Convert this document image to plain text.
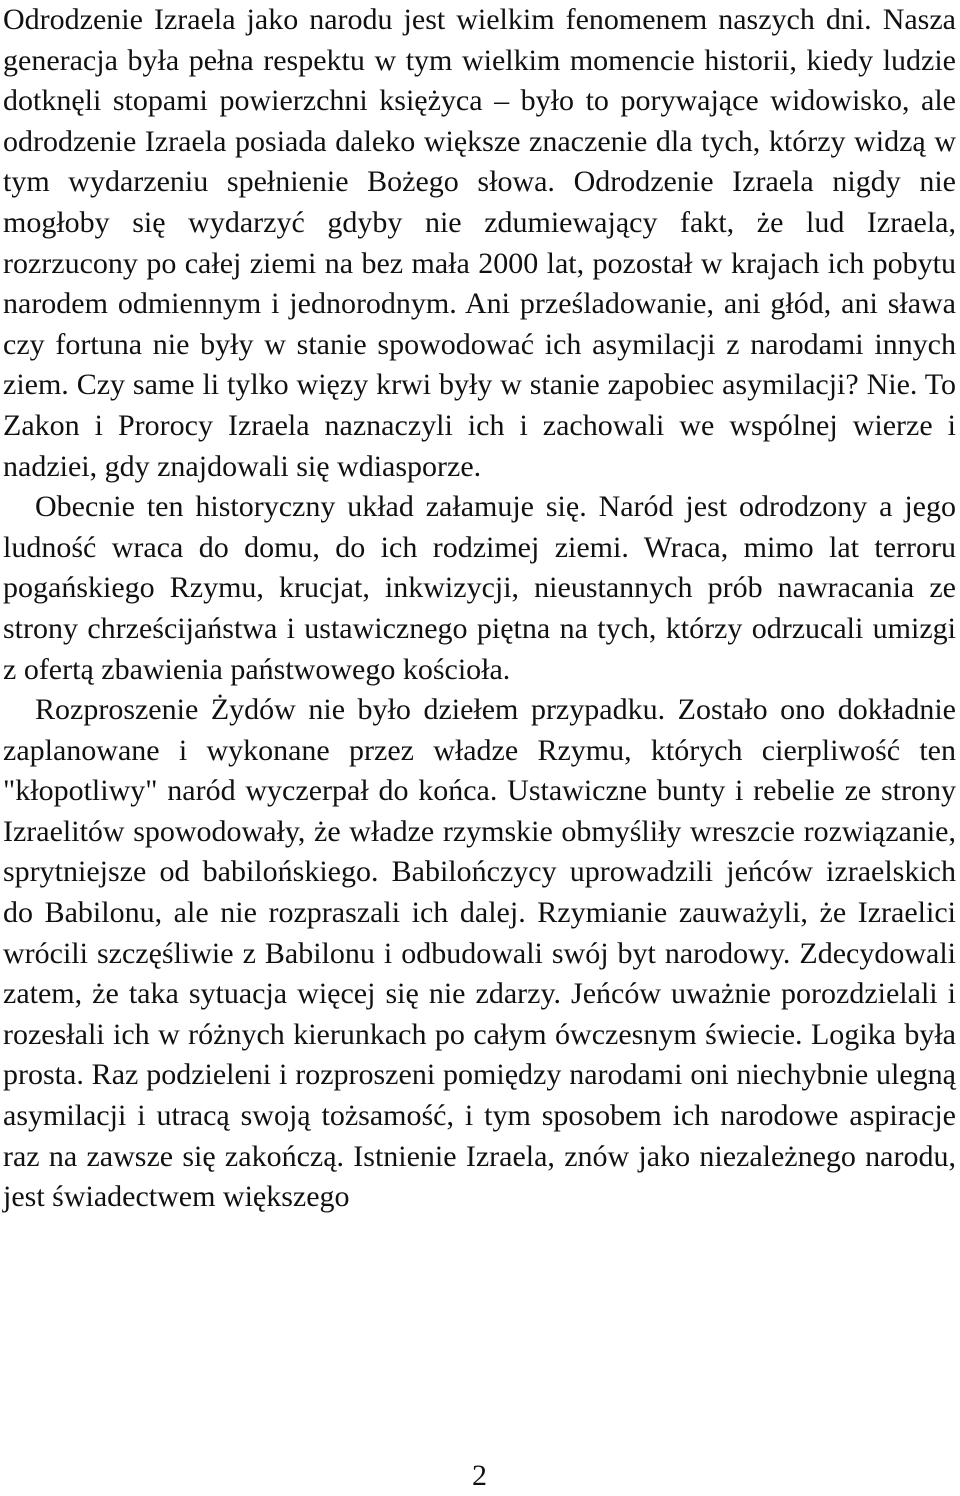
Odrodzenie Izraela jako narodu jest wielkim fenomenem naszych dni. Nasza generacja była pełna respektu w tym wielkim momencie historii, kiedy ludzie dotknęli stopami powierzchni księżyca – było to porywające widowisko, ale odrodzenie Izraela posiada daleko większe znaczenie dla tych, którzy widzą w tym wydarzeniu spełnienie Bożego słowa. Odrodzenie Izraela nigdy nie mogłoby się wydarzyć gdyby nie zdumiewający fakt, że lud Izraela, rozrzucony po całej ziemi na bez mała 2000 lat, pozostał w krajach ich pobytu narodem odmiennym i jednorodnym. Ani prześladowanie, ani głód, ani sława czy fortuna nie były w stanie spowodować ich asymilacji z narodami innych ziem. Czy same li tylko więzy krwi były w stanie zapobiec asymilacji? Nie. To Zakon i Prorocy Izraela naznaczyli ich i zachowali we wspólnej wierze i nadziei, gdy znajdowali się wdiasporze.

Obecnie ten historyczny układ załamuje się. Naród jest odrodzony a jego ludność wraca do domu, do ich rodzimej ziemi. Wraca, mimo lat terroru pogańskiego Rzymu, krucjat, inkwizycji, nieustannych prób nawracania ze strony chrześcijaństwa i ustawicznego piętna na tych, którzy odrzucali umizgi z ofertą zbawienia państwowego kościoła.

Rozproszenie Żydów nie było dziełem przypadku. Zostało ono dokładnie zaplanowane i wykonane przez władze Rzymu, których cierpliwość ten "kłopotliwy" naród wyczerpał do końca. Ustawiczne bunty i rebelie ze strony Izraelitów spowodowały, że władze rzymskie obmyśliły wreszcie rozwiązanie, sprytniejsze od babilońskiego. Babilończycy uprowadzili jeńców izraelskich do Babilonu, ale nie rozpraszali ich dalej. Rzymianie zauważyli, że Izraelici wrócili szczęśliwie z Babilonu i odbudowali swój byt narodowy. Zdecydowali zatem, że taka sytuacja więcej się nie zdarzy. Jeńców uważnie porozdzielali i rozesłali ich w różnych kierunkach po całym ówczesnym świecie. Logika była prosta. Raz podzieleni i rozproszeni pomiędzy narodami oni niechybnie ulegną asymilacji i utracą swoją tożsamość, i tym sposobem ich narodowe aspiracje raz na zawsze się zakończą. Istnienie Izraela, znów jako niezależnego narodu, jest świadectwem większego

2
